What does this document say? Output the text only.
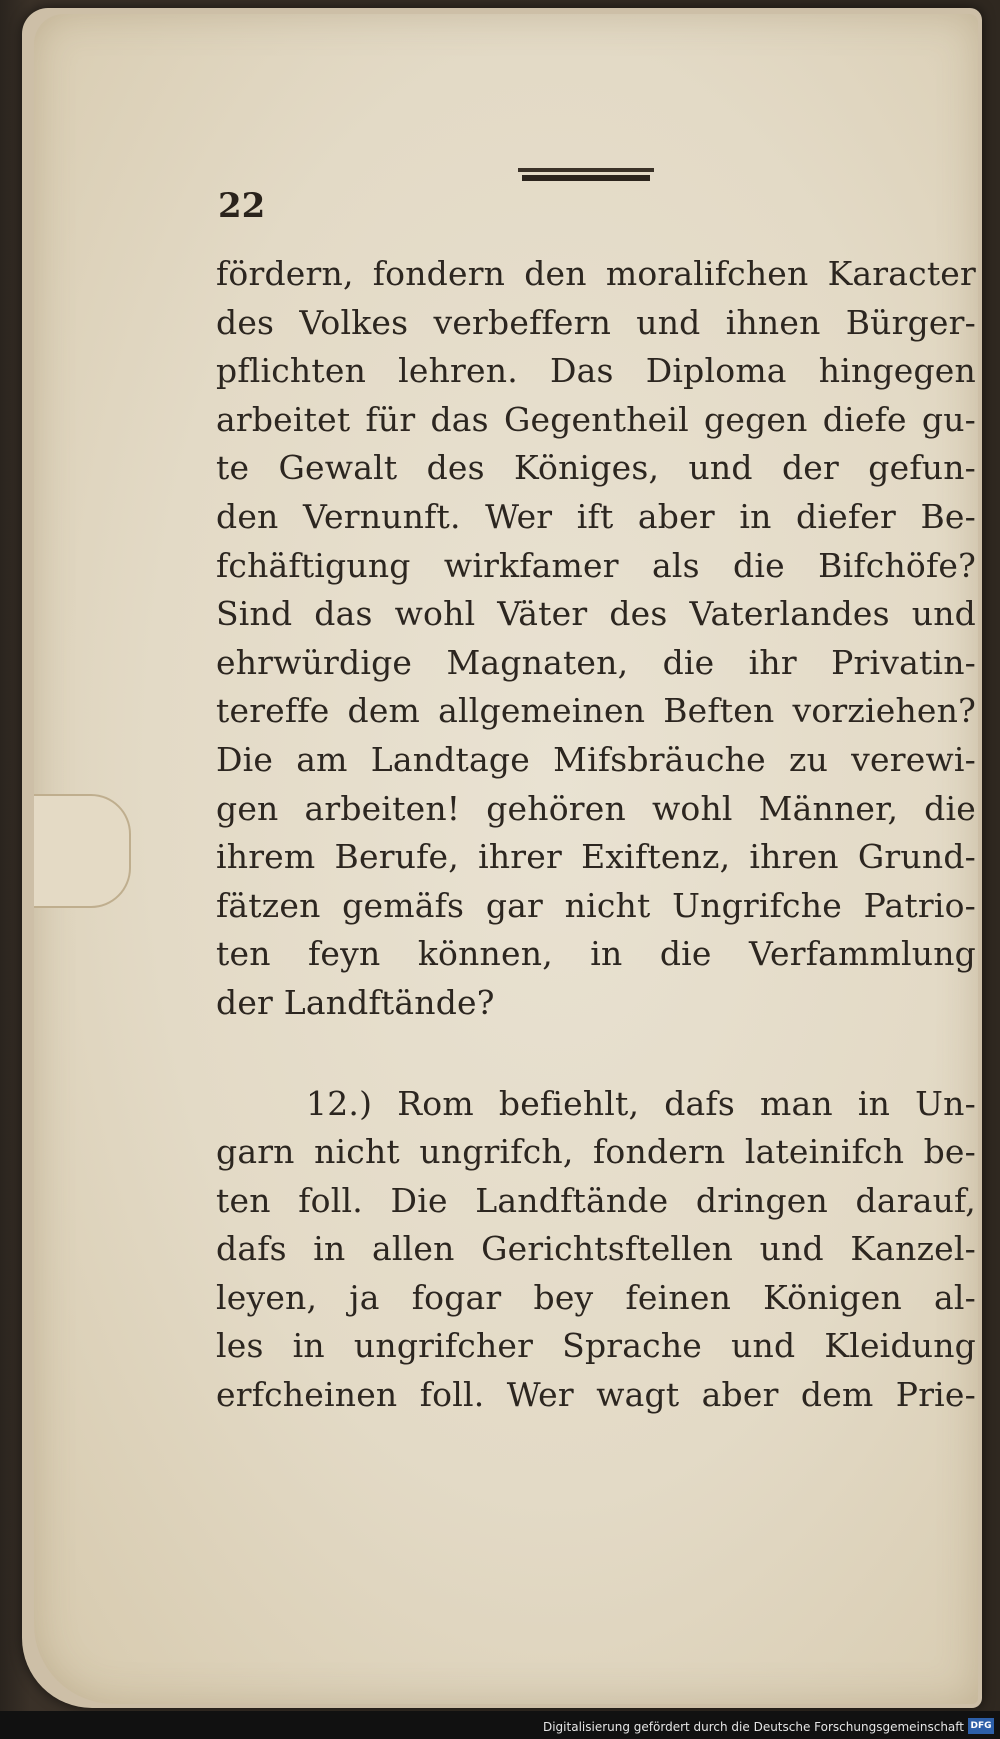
22
fördern, fondern den moralifchen Karacter
des Volkes verbeffern und ihnen Bürger-
pflichten lehren. Das Diploma hingegen
arbeitet für das Gegentheil gegen diefe gu-
te Gewalt des Königes, und der gefun-
den Vernunft. Wer ift aber in diefer Be-
fchäftigung wirkfamer als die Bifchöfe?
Sind das wohl Väter des Vaterlandes und
ehrwürdige Magnaten, die ihr Privatin-
tereffe dem allgemeinen Beften vorziehen?
Die am Landtage Mifsbräuche zu verewi-
gen arbeiten! gehören wohl Männer, die
ihrem Berufe, ihrer Exiftenz, ihren Grund-
fätzen gemäfs gar nicht Ungrifche Patrio-
ten feyn können, in die Verfammlung
der Landftände?
12.) Rom befiehlt, dafs man in Un-
garn nicht ungrifch, fondern lateinifch be-
ten foll. Die Landftände dringen darauf,
dafs in allen Gerichtsftellen und Kanzel-
leyen, ja fogar bey feinen Königen al-
les in ungrifcher Sprache und Kleidung
erfcheinen foll. Wer wagt aber dem Prie-
Digitalisierung gefördert durch die Deutsche Forschungsgemeinschaft DFG
